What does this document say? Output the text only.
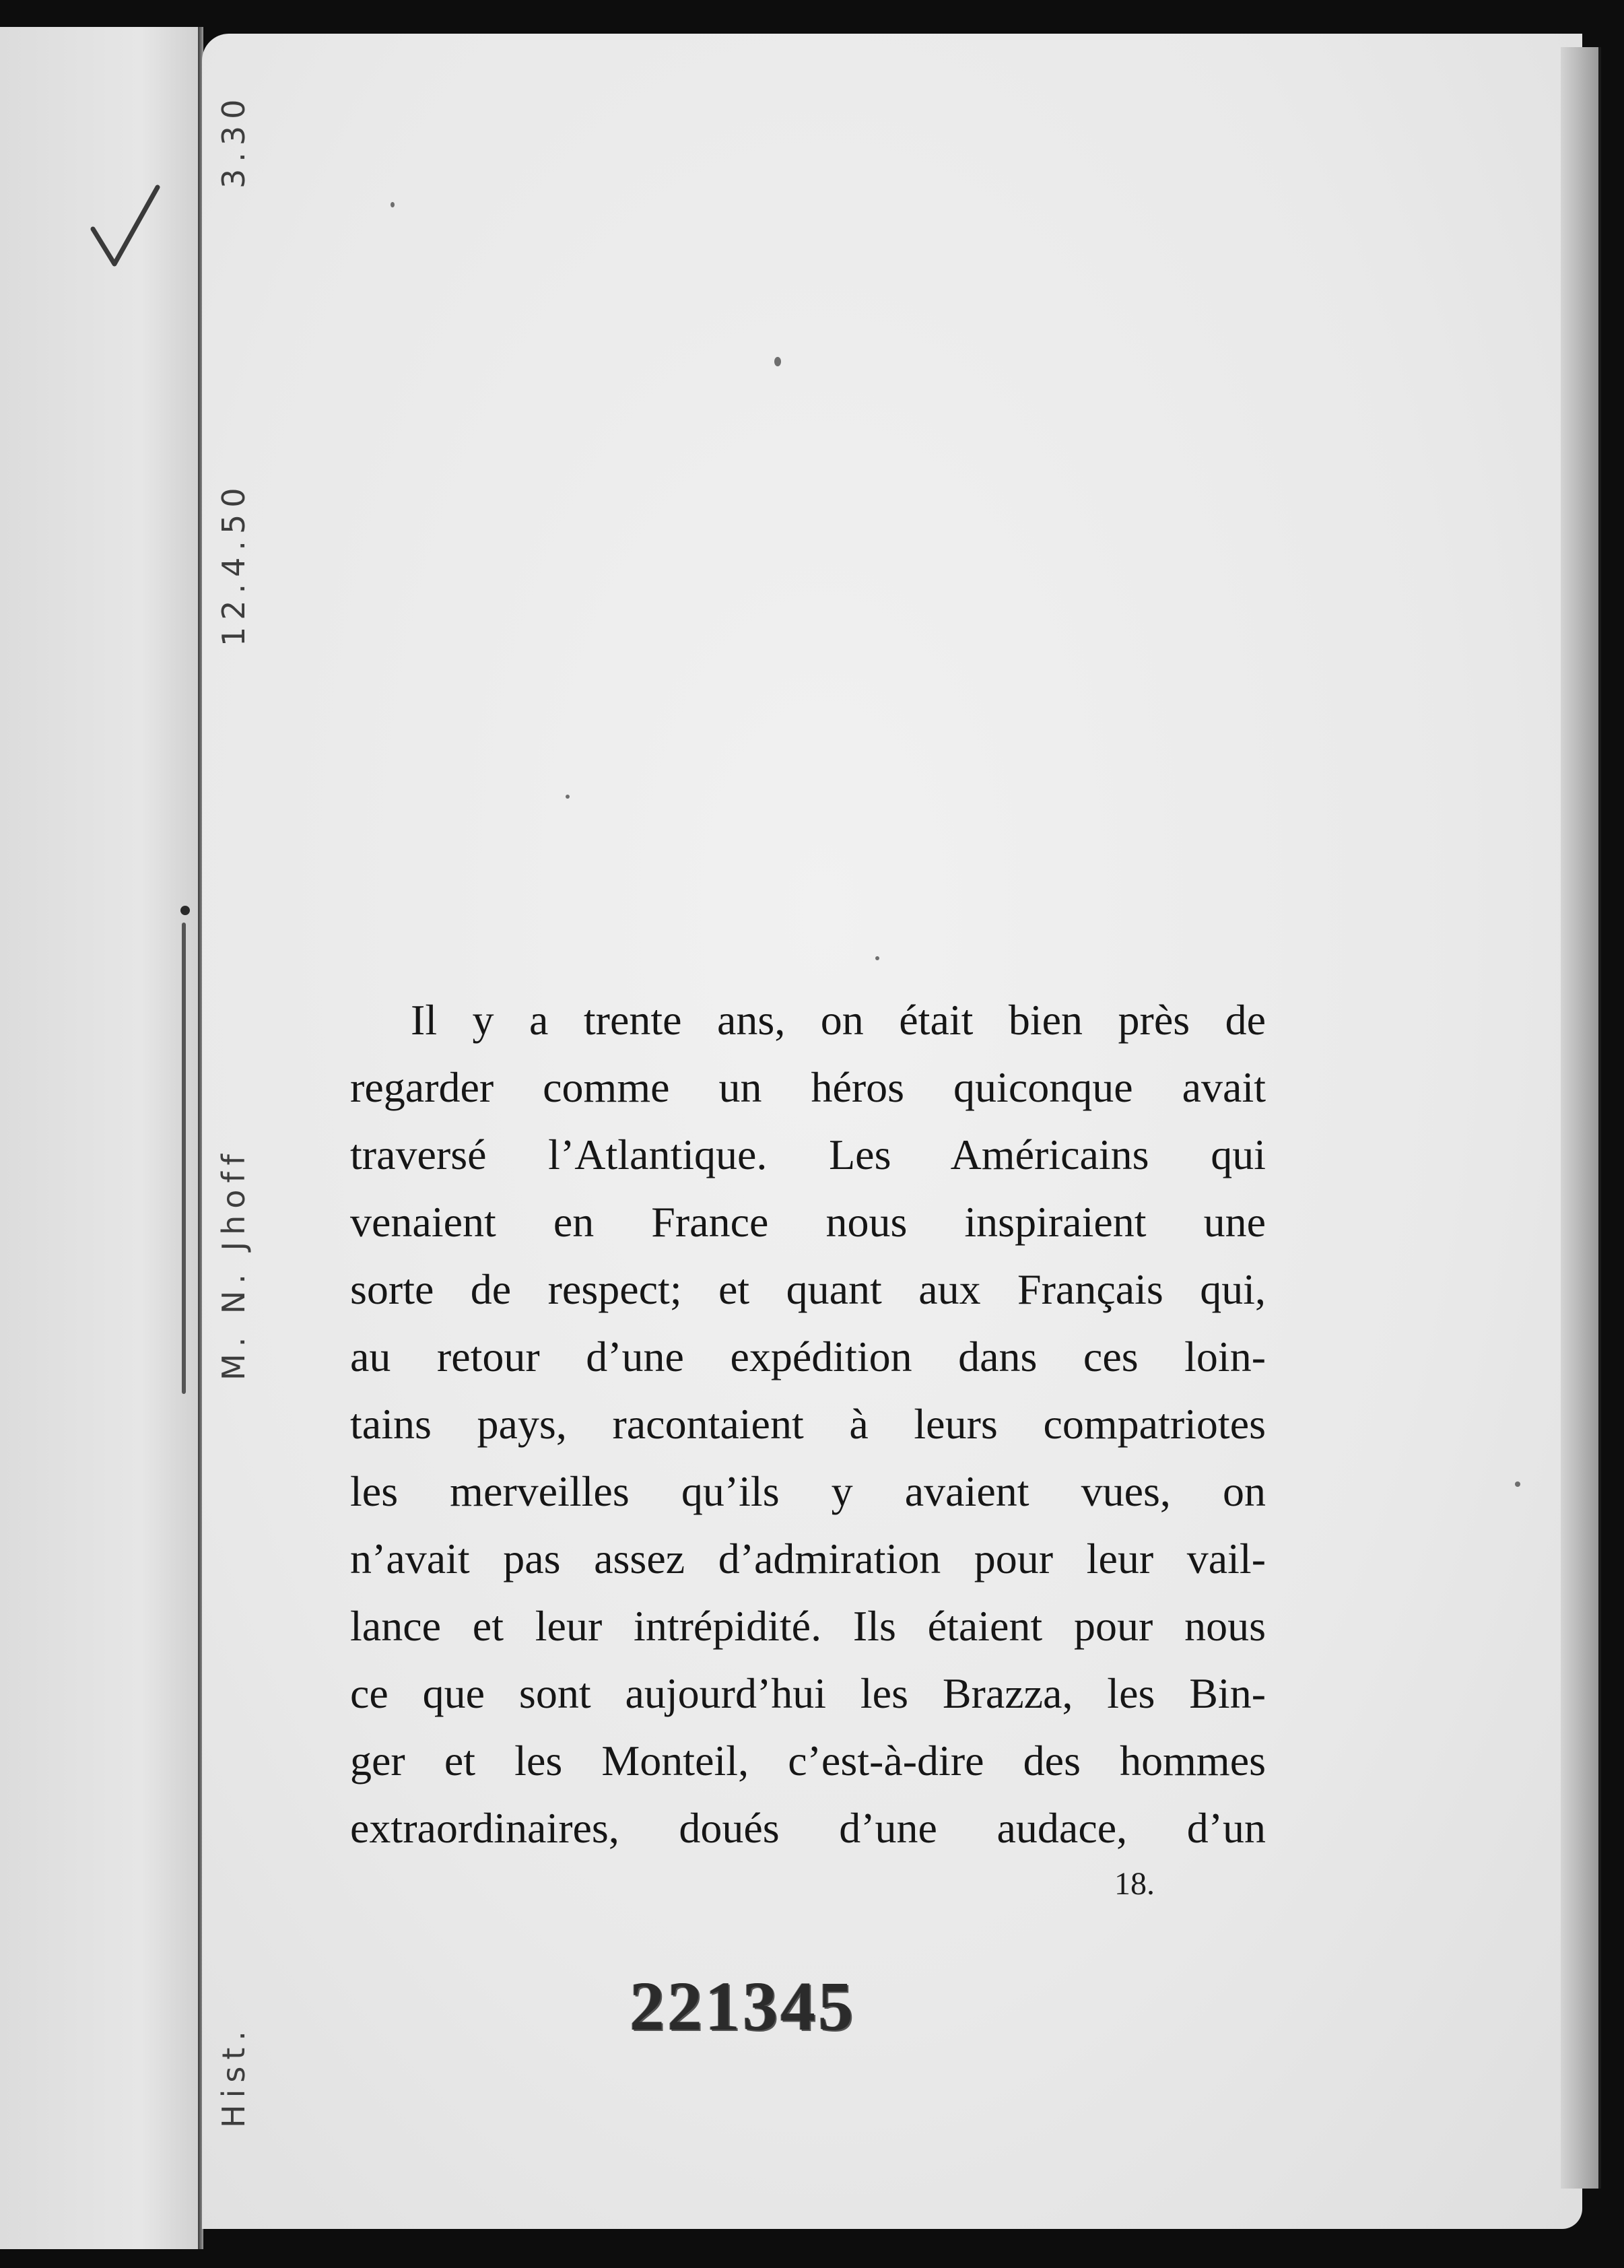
3.30
12.4.50
M. N. Jhoff
Hist.

Il y a trente ans, on était bien près de
regarder comme un héros quiconque avait
traversé l’Atlantique. Les Américains qui
venaient en France nous inspiraient une
sorte de respect; et quant aux Français qui,
au retour d’une expédition dans ces loin-
tains pays, racontaient à leurs compatriotes
les merveilles qu’ils y avaient vues, on
n’avait pas assez d’admiration pour leur vail-
lance et leur intrépidité. Ils étaient pour nous
ce que sont aujourd’hui les Brazza, les Bin-
ger et les Monteil, c’est-à-dire des hommes
extraordinaires, doués d’une audace, d’un

18.
221345
